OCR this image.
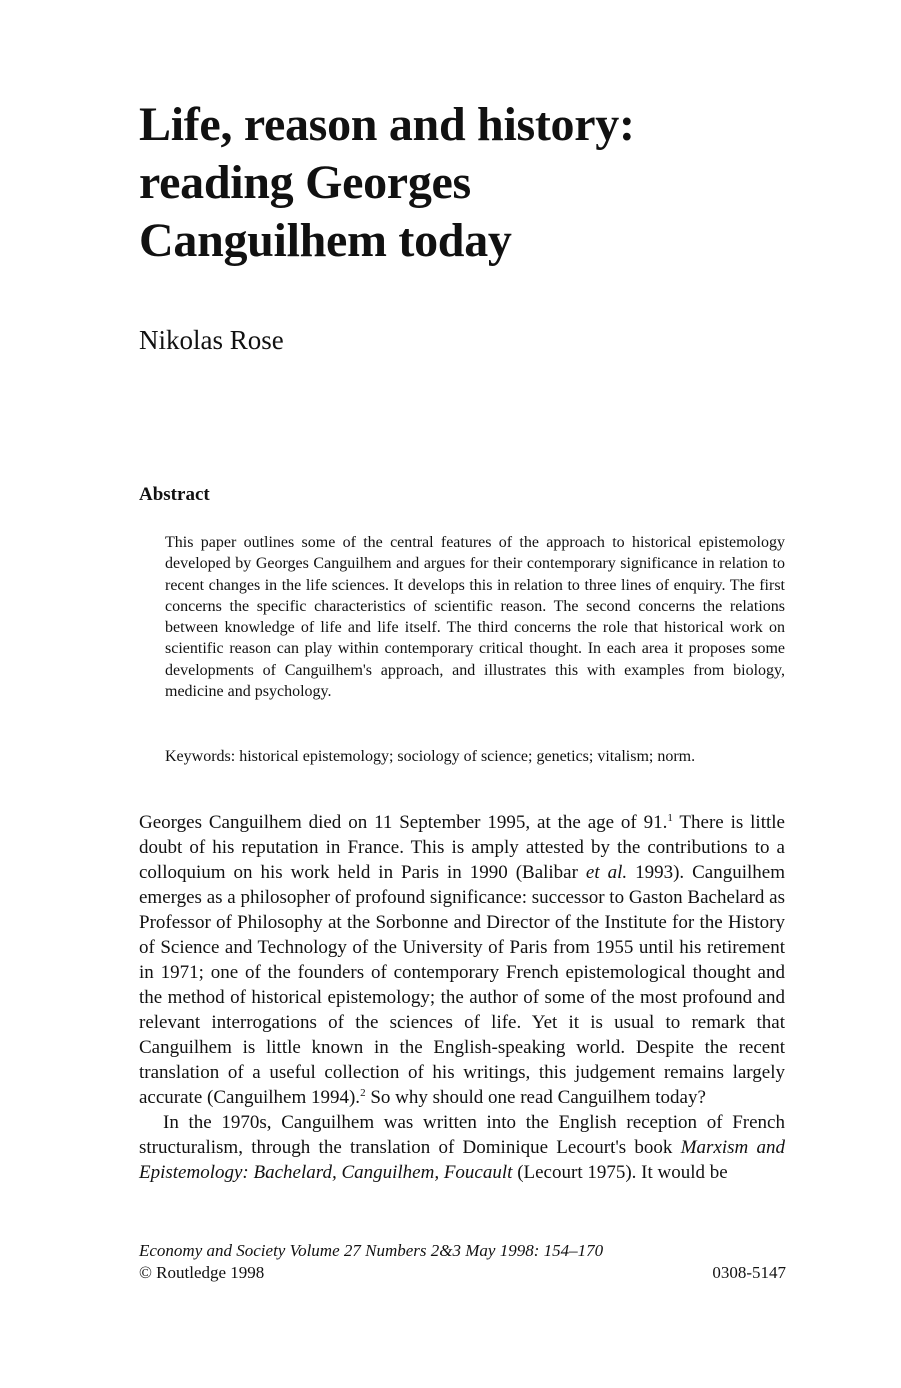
Life, reason and history:
reading Georges
Canguilhem today
Nikolas Rose
Abstract

This paper outlines some of the central features of the approach to historical epistemology developed by Georges Canguilhem and argues for their contemporary significance in relation to recent changes in the life sciences. It develops this in relation to three lines of enquiry. The first concerns the specific characteristics of scientific reason. The second concerns the relations between knowledge of life and life itself. The third concerns the role that historical work on scientific reason can play within contemporary critical thought. In each area it proposes some developments of Canguilhem's approach, and illustrates this with examples from biology, medicine and psychology.

Keywords: historical epistemology; sociology of science; genetics; vitalism; norm.

Georges Canguilhem died on 11 September 1995, at the age of 91.$^1$ There is little doubt of his reputation in France. This is amply attested by the contributions to a colloquium on his work held in Paris in 1990 (Balibar et al. 1993). Canguilhem emerges as a philosopher of profound significance: successor to Gaston Bachelard as Professor of Philosophy at the Sorbonne and Director of the Institute for the History of Science and Technology of the University of Paris from 1955 until his retirement in 1971; one of the founders of contemporary French epistemological thought and the method of historical epistemology; the author of some of the most profound and relevant interrogations of the sciences of life. Yet it is usual to remark that Canguilhem is little known in the English-speaking world. Despite the recent translation of a useful collection of his writings, this judgement remains largely accurate (Canguilhem 1994).$^2$ So why should one read Canguilhem today?

In the 1970s, Canguilhem was written into the English reception of French structuralism, through the translation of Dominique Lecourt's book Marxism and Epistemology: Bachelard, Canguilhem, Foucault (Lecourt 1975). It would be

Economy and Society Volume 27 Numbers 2&3 May 1998: 154–170
© Routledge 1998	0308-5147
